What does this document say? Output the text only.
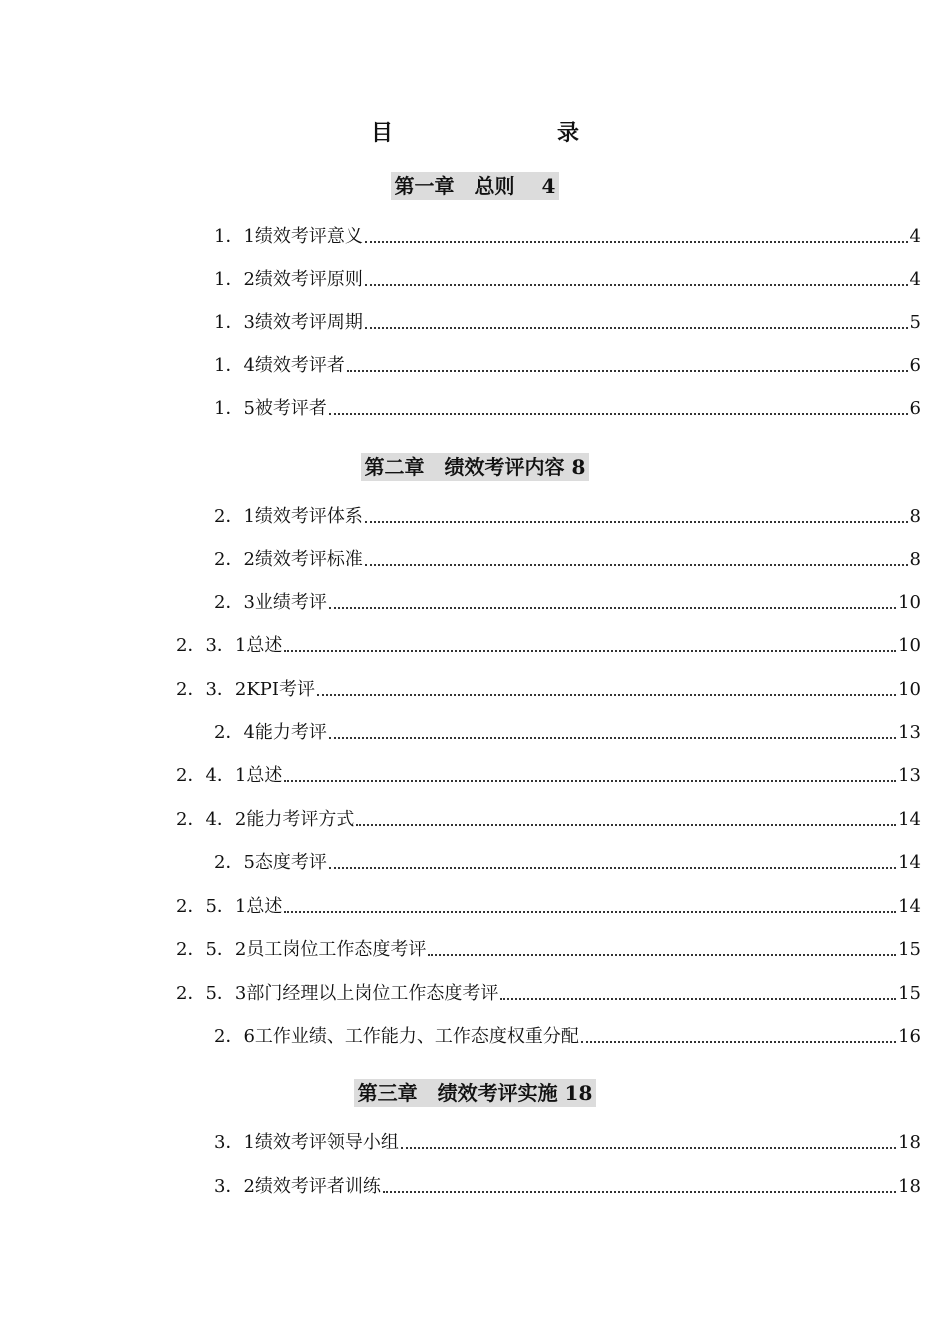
目　　录
第一章　总则　 4
1．1绩效考评意义	4
1．2绩效考评原则	4
1．3绩效考评周期	5
1．4绩效考评者	6
1．5被考评者	6
第二章　绩效考评内容 8
2．1绩效考评体系	8
2．2绩效考评标准	8
2．3业绩考评	10
2．3．1总述	10
2．3．2KPI考评	10
2．4能力考评	13
2．4．1总述	13
2．4．2能力考评方式	14
2．5态度考评	14
2．5．1总述	14
2．5．2员工岗位工作态度考评	15
2．5．3部门经理以上岗位工作态度考评	15
2．6工作业绩、工作能力、工作态度权重分配	16
第三章　绩效考评实施 18
3．1绩效考评领导小组	18
3．2绩效考评者训练	18
